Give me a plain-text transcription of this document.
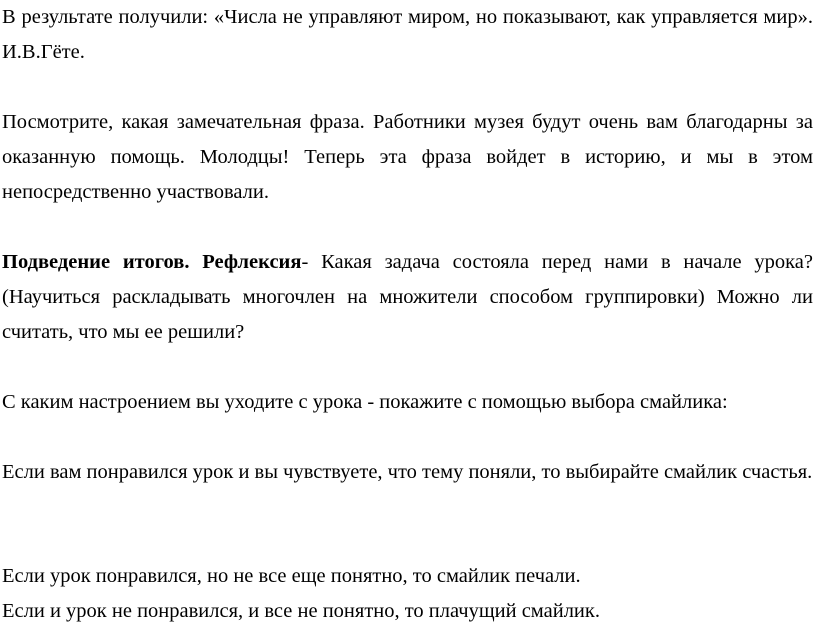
В результате получили: «Числа не управляют миром, но показывают, как управляется мир». И.В.Гёте.

Посмотрите, какая замечательная фраза. Работники музея будут очень вам благодарны за оказанную помощь. Молодцы! Теперь эта фраза войдет в историю, и мы в этом непосредственно участвовали.

Подведение итогов. Рефлексия- Какая задача состояла перед нами в начале урока? (Научиться раскладывать многочлен на множители способом группировки) Можно ли считать, что мы ее решили?

С каким настроением вы уходите с урока - покажите с помощью выбора смайлика:

Если вам понравился урок и вы чувствуете, что тему поняли, то выбирайте смайлик счастья.

Если урок понравился, но не все еще понятно, то смайлик печали.

Если и урок не понравился, и все не понятно, то плачущий смайлик.
